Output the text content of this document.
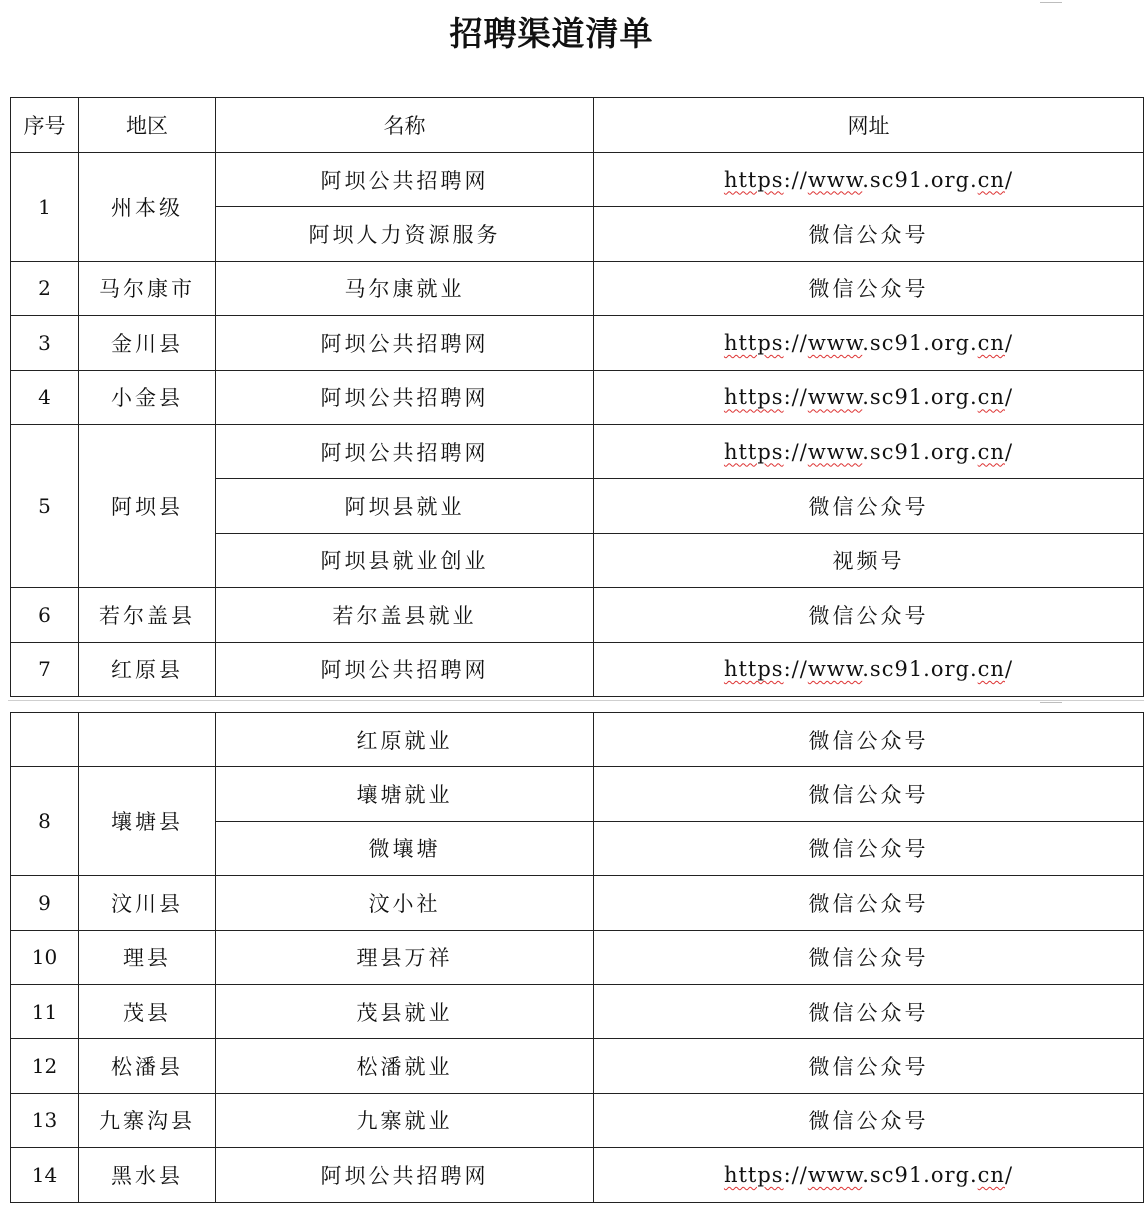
招聘渠道清单
序号	地区	名称	网址
1	州本级	阿坝公共招聘网	https://www.sc91.org.cn/
		阿坝人力资源服务	微信公众号
2	马尔康市	马尔康就业	微信公众号
3	金川县	阿坝公共招聘网	https://www.sc91.org.cn/
4	小金县	阿坝公共招聘网	https://www.sc91.org.cn/
5	阿坝县	阿坝公共招聘网	https://www.sc91.org.cn/
		阿坝县就业	微信公众号
		阿坝县就业创业	视频号
6	若尔盖县	若尔盖县就业	微信公众号
7	红原县	阿坝公共招聘网	https://www.sc91.org.cn/
		红原就业	微信公众号
8	壤塘县	壤塘就业	微信公众号
		微壤塘	微信公众号
9	汶川县	汶小社	微信公众号
10	理县	理县万祥	微信公众号
11	茂县	茂县就业	微信公众号
12	松潘县	松潘就业	微信公众号
13	九寨沟县	九寨就业	微信公众号
14	黑水县	阿坝公共招聘网	https://www.sc91.org.cn/
